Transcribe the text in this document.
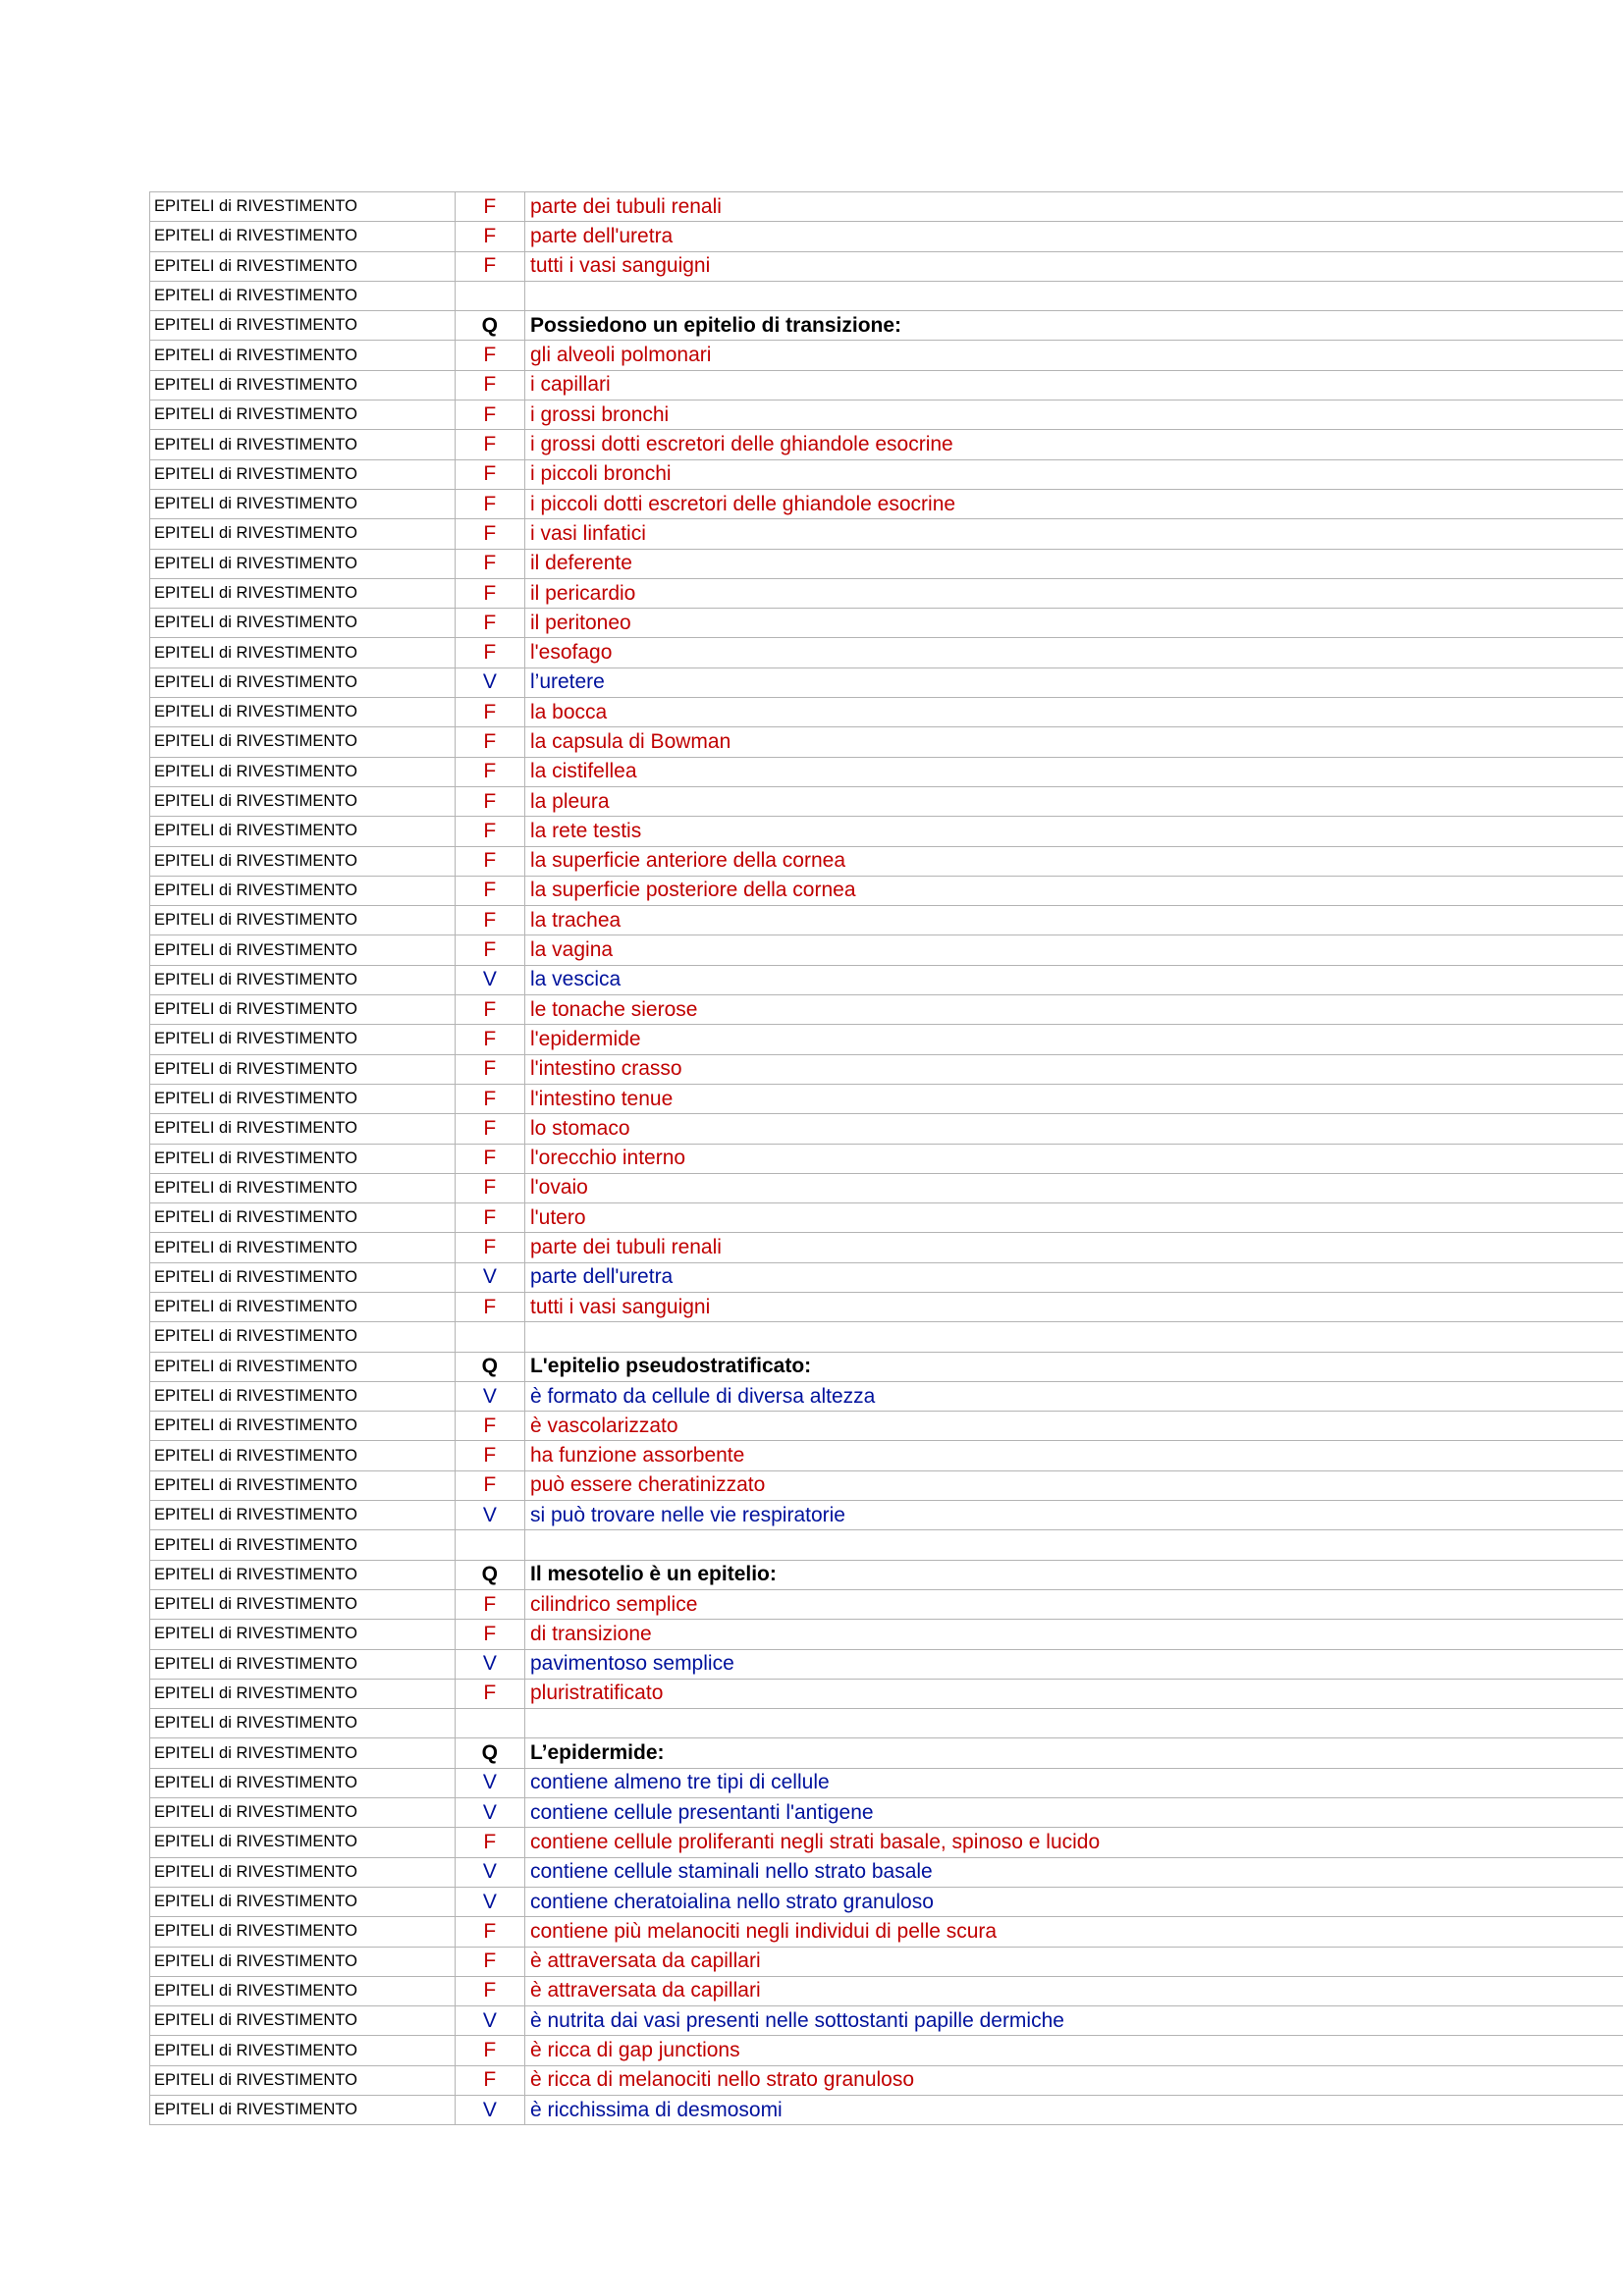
EPITELI di RIVESTIMENTO	F	parte dei tubuli renali
EPITELI di RIVESTIMENTO	F	parte dell'uretra
EPITELI di RIVESTIMENTO	F	tutti i vasi sanguigni
EPITELI di RIVESTIMENTO		
EPITELI di RIVESTIMENTO	Q	Possiedono un epitelio di transizione:
EPITELI di RIVESTIMENTO	F	gli alveoli polmonari
EPITELI di RIVESTIMENTO	F	i capillari
EPITELI di RIVESTIMENTO	F	i grossi bronchi
EPITELI di RIVESTIMENTO	F	i grossi dotti escretori delle ghiandole esocrine
EPITELI di RIVESTIMENTO	F	i piccoli bronchi
EPITELI di RIVESTIMENTO	F	i piccoli dotti escretori delle ghiandole esocrine
EPITELI di RIVESTIMENTO	F	i vasi linfatici
EPITELI di RIVESTIMENTO	F	il deferente
EPITELI di RIVESTIMENTO	F	il pericardio
EPITELI di RIVESTIMENTO	F	il peritoneo
EPITELI di RIVESTIMENTO	F	l'esofago
EPITELI di RIVESTIMENTO	V	l’uretere
EPITELI di RIVESTIMENTO	F	la bocca
EPITELI di RIVESTIMENTO	F	la capsula di Bowman
EPITELI di RIVESTIMENTO	F	la cistifellea
EPITELI di RIVESTIMENTO	F	la pleura
EPITELI di RIVESTIMENTO	F	la rete testis
EPITELI di RIVESTIMENTO	F	la superficie anteriore della cornea
EPITELI di RIVESTIMENTO	F	la superficie posteriore della cornea
EPITELI di RIVESTIMENTO	F	la trachea
EPITELI di RIVESTIMENTO	F	la vagina
EPITELI di RIVESTIMENTO	V	la vescica
EPITELI di RIVESTIMENTO	F	le tonache sierose
EPITELI di RIVESTIMENTO	F	l'epidermide
EPITELI di RIVESTIMENTO	F	l'intestino crasso
EPITELI di RIVESTIMENTO	F	l'intestino tenue
EPITELI di RIVESTIMENTO	F	lo stomaco
EPITELI di RIVESTIMENTO	F	l'orecchio interno
EPITELI di RIVESTIMENTO	F	l'ovaio
EPITELI di RIVESTIMENTO	F	l'utero
EPITELI di RIVESTIMENTO	F	parte dei tubuli renali
EPITELI di RIVESTIMENTO	V	parte dell'uretra
EPITELI di RIVESTIMENTO	F	tutti i vasi sanguigni
EPITELI di RIVESTIMENTO		
EPITELI di RIVESTIMENTO	Q	L'epitelio pseudostratificato:
EPITELI di RIVESTIMENTO	V	è formato da cellule di diversa altezza
EPITELI di RIVESTIMENTO	F	è vascolarizzato
EPITELI di RIVESTIMENTO	F	ha funzione assorbente
EPITELI di RIVESTIMENTO	F	può essere cheratinizzato
EPITELI di RIVESTIMENTO	V	si può trovare nelle vie respiratorie
EPITELI di RIVESTIMENTO		
EPITELI di RIVESTIMENTO	Q	Il mesotelio è un epitelio:
EPITELI di RIVESTIMENTO	F	cilindrico semplice
EPITELI di RIVESTIMENTO	F	di transizione
EPITELI di RIVESTIMENTO	V	pavimentoso semplice
EPITELI di RIVESTIMENTO	F	pluristratificato
EPITELI di RIVESTIMENTO		
EPITELI di RIVESTIMENTO	Q	L’epidermide:
EPITELI di RIVESTIMENTO	V	contiene almeno tre tipi di cellule
EPITELI di RIVESTIMENTO	V	contiene cellule presentanti l'antigene
EPITELI di RIVESTIMENTO	F	contiene cellule proliferanti negli strati basale, spinoso e lucido
EPITELI di RIVESTIMENTO	V	contiene cellule staminali nello strato basale
EPITELI di RIVESTIMENTO	V	contiene cheratoialina nello strato granuloso
EPITELI di RIVESTIMENTO	F	contiene più melanociti negli individui di pelle scura
EPITELI di RIVESTIMENTO	F	è attraversata da capillari
EPITELI di RIVESTIMENTO	F	è attraversata da capillari
EPITELI di RIVESTIMENTO	V	è nutrita dai vasi presenti nelle sottostanti papille dermiche
EPITELI di RIVESTIMENTO	F	è ricca di gap junctions
EPITELI di RIVESTIMENTO	F	è ricca di melanociti nello strato granuloso
EPITELI di RIVESTIMENTO	V	è ricchissima di desmosomi
